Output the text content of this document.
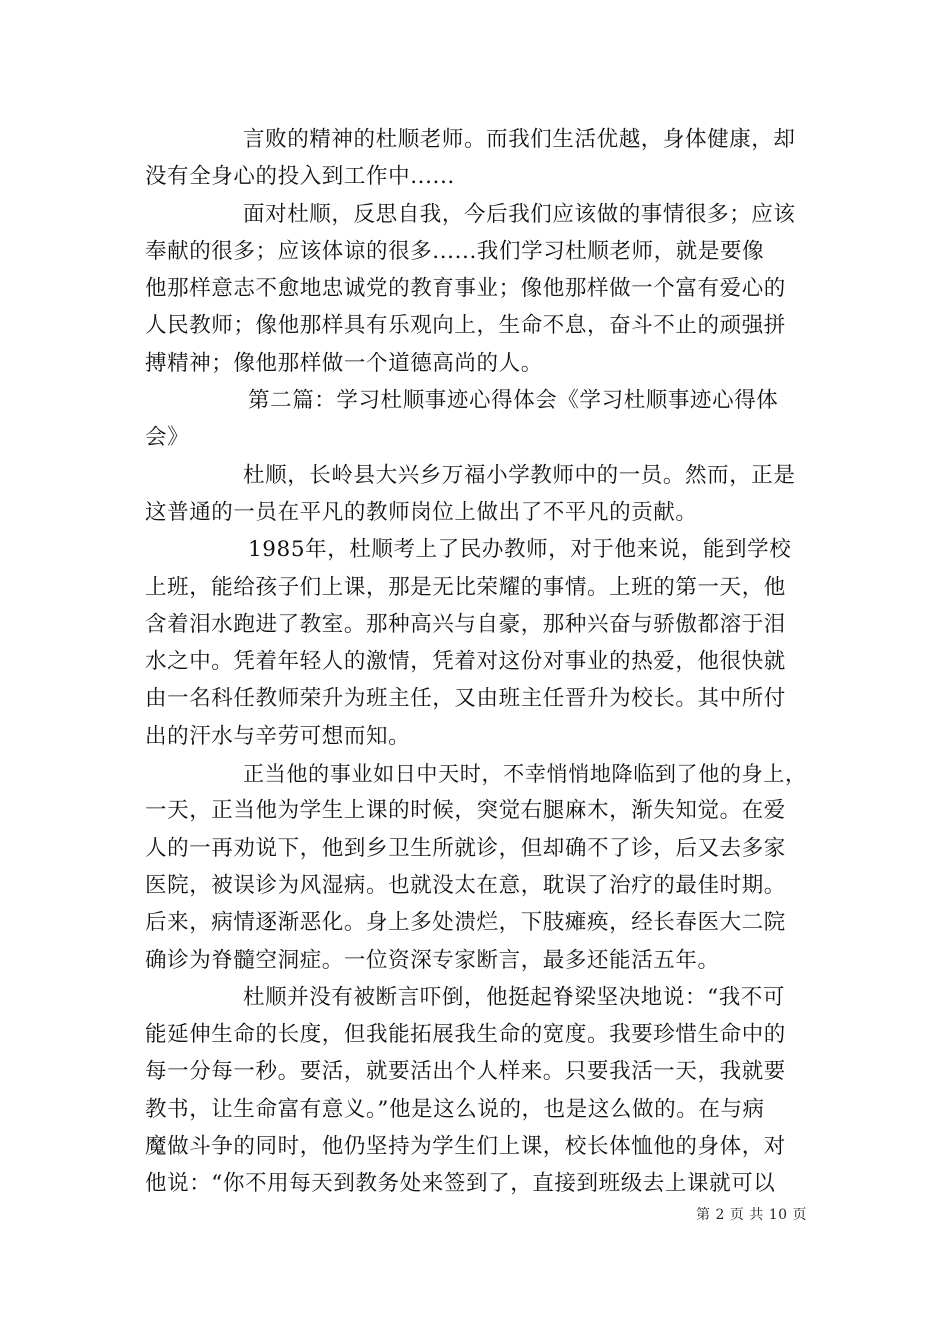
言败的精神的杜顺老师。而我们生活优越，身体健康，却
没有全身心的投入到工作中......
面对杜顺，反思自我，今后我们应该做的事情很多；应该
奉献的很多；应该体谅的很多......我们学习杜顺老师，就是要像
他那样意志不愈地忠诚党的教育事业；像他那样做一个富有爱心的
人民教师；像他那样具有乐观向上，生命不息，奋斗不止的顽强拼
搏精神；像他那样做一个道德高尚的人。
第二篇：学习杜顺事迹心得体会《学习杜顺事迹心得体
会》
杜顺，长岭县大兴乡万福小学教师中的一员。然而，正是
这普通的一员在平凡的教师岗位上做出了不平凡的贡献。
1985年，杜顺考上了民办教师，对于他来说，能到学校
上班，能给孩子们上课，那是无比荣耀的事情。上班的第一天，他
含着泪水跑进了教室。那种高兴与自豪，那种兴奋与骄傲都溶于泪
水之中。凭着年轻人的激情，凭着对这份对事业的热爱，他很快就
由一名科任教师荣升为班主任，又由班主任晋升为校长。其中所付
出的汗水与辛劳可想而知。
正当他的事业如日中天时，不幸悄悄地降临到了他的身上，
一天，正当他为学生上课的时候，突觉右腿麻木，渐失知觉。在爱
人的一再劝说下，他到乡卫生所就诊，但却确不了诊，后又去多家
医院，被误诊为风湿病。也就没太在意，耽误了治疗的最佳时期。
后来，病情逐渐恶化。身上多处溃烂，下肢瘫痪，经长春医大二院
确诊为脊髓空洞症。一位资深专家断言，最多还能活五年。
杜顺并没有被断言吓倒，他挺起脊梁坚决地说：“我不可
能延伸生命的长度，但我能拓展我生命的宽度。我要珍惜生命中的
每一分每一秒。要活，就要活出个人样来。只要我活一天，我就要
教书，让生命富有意义。”他是这么说的，也是这么做的。在与病
魔做斗争的同时，他仍坚持为学生们上课，校长体恤他的身体，对
他说：“你不用每天到教务处来签到了，直接到班级去上课就可以
第 2 页 共 10 页
